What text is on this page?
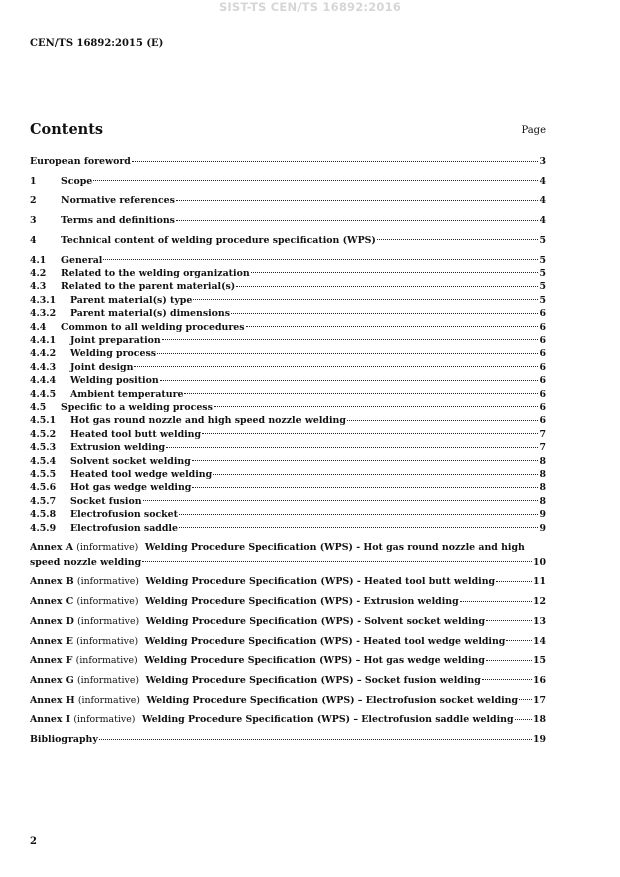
SIST-TS CEN/TS 16892:2016
CEN/TS 16892:2015 (E)
Contents	Page
European foreword	3
1	Scope	4
2	Normative references	4
3	Terms and definitions	4
4	Technical content of welding procedure specification (WPS)	5
4.1	General	5
4.2	Related to the welding organization	5
4.3	Related to the parent material(s)	5
4.3.1	Parent material(s) type	5
4.3.2	Parent material(s) dimensions	6
4.4	Common to all welding procedures	6
4.4.1	Joint preparation	6
4.4.2	Welding process	6
4.4.3	Joint design	6
4.4.4	Welding position	6
4.4.5	Ambient temperature	6
4.5	Specific to a welding process	6
4.5.1	Hot gas round nozzle and high speed nozzle welding	6
4.5.2	Heated tool butt welding	7
4.5.3	Extrusion welding	7
4.5.4	Solvent socket welding	8
4.5.5	Heated tool wedge welding	8
4.5.6	Hot gas wedge welding	8
4.5.7	Socket fusion	8
4.5.8	Electrofusion socket	9
4.5.9	Electrofusion saddle	9
Annex A (informative) Welding Procedure Specification (WPS) - Hot gas round nozzle and high
speed nozzle welding	10
Annex B (informative) Welding Procedure Specification (WPS) - Heated tool butt welding	11
Annex C (informative) Welding Procedure Specification (WPS) - Extrusion welding	12
Annex D (informative) Welding Procedure Specification (WPS) - Solvent socket welding	13
Annex E (informative) Welding Procedure Specification (WPS) - Heated tool wedge welding	14
Annex F (informative) Welding Procedure Specification (WPS) – Hot gas wedge welding	15
Annex G (informative) Welding Procedure Specification (WPS) – Socket fusion welding	16
Annex H (informative) Welding Procedure Specification (WPS) – Electrofusion socket welding 17
Annex I (informative) Welding Procedure Specification (WPS) – Electrofusion saddle welding 18
Bibliography	19
2
